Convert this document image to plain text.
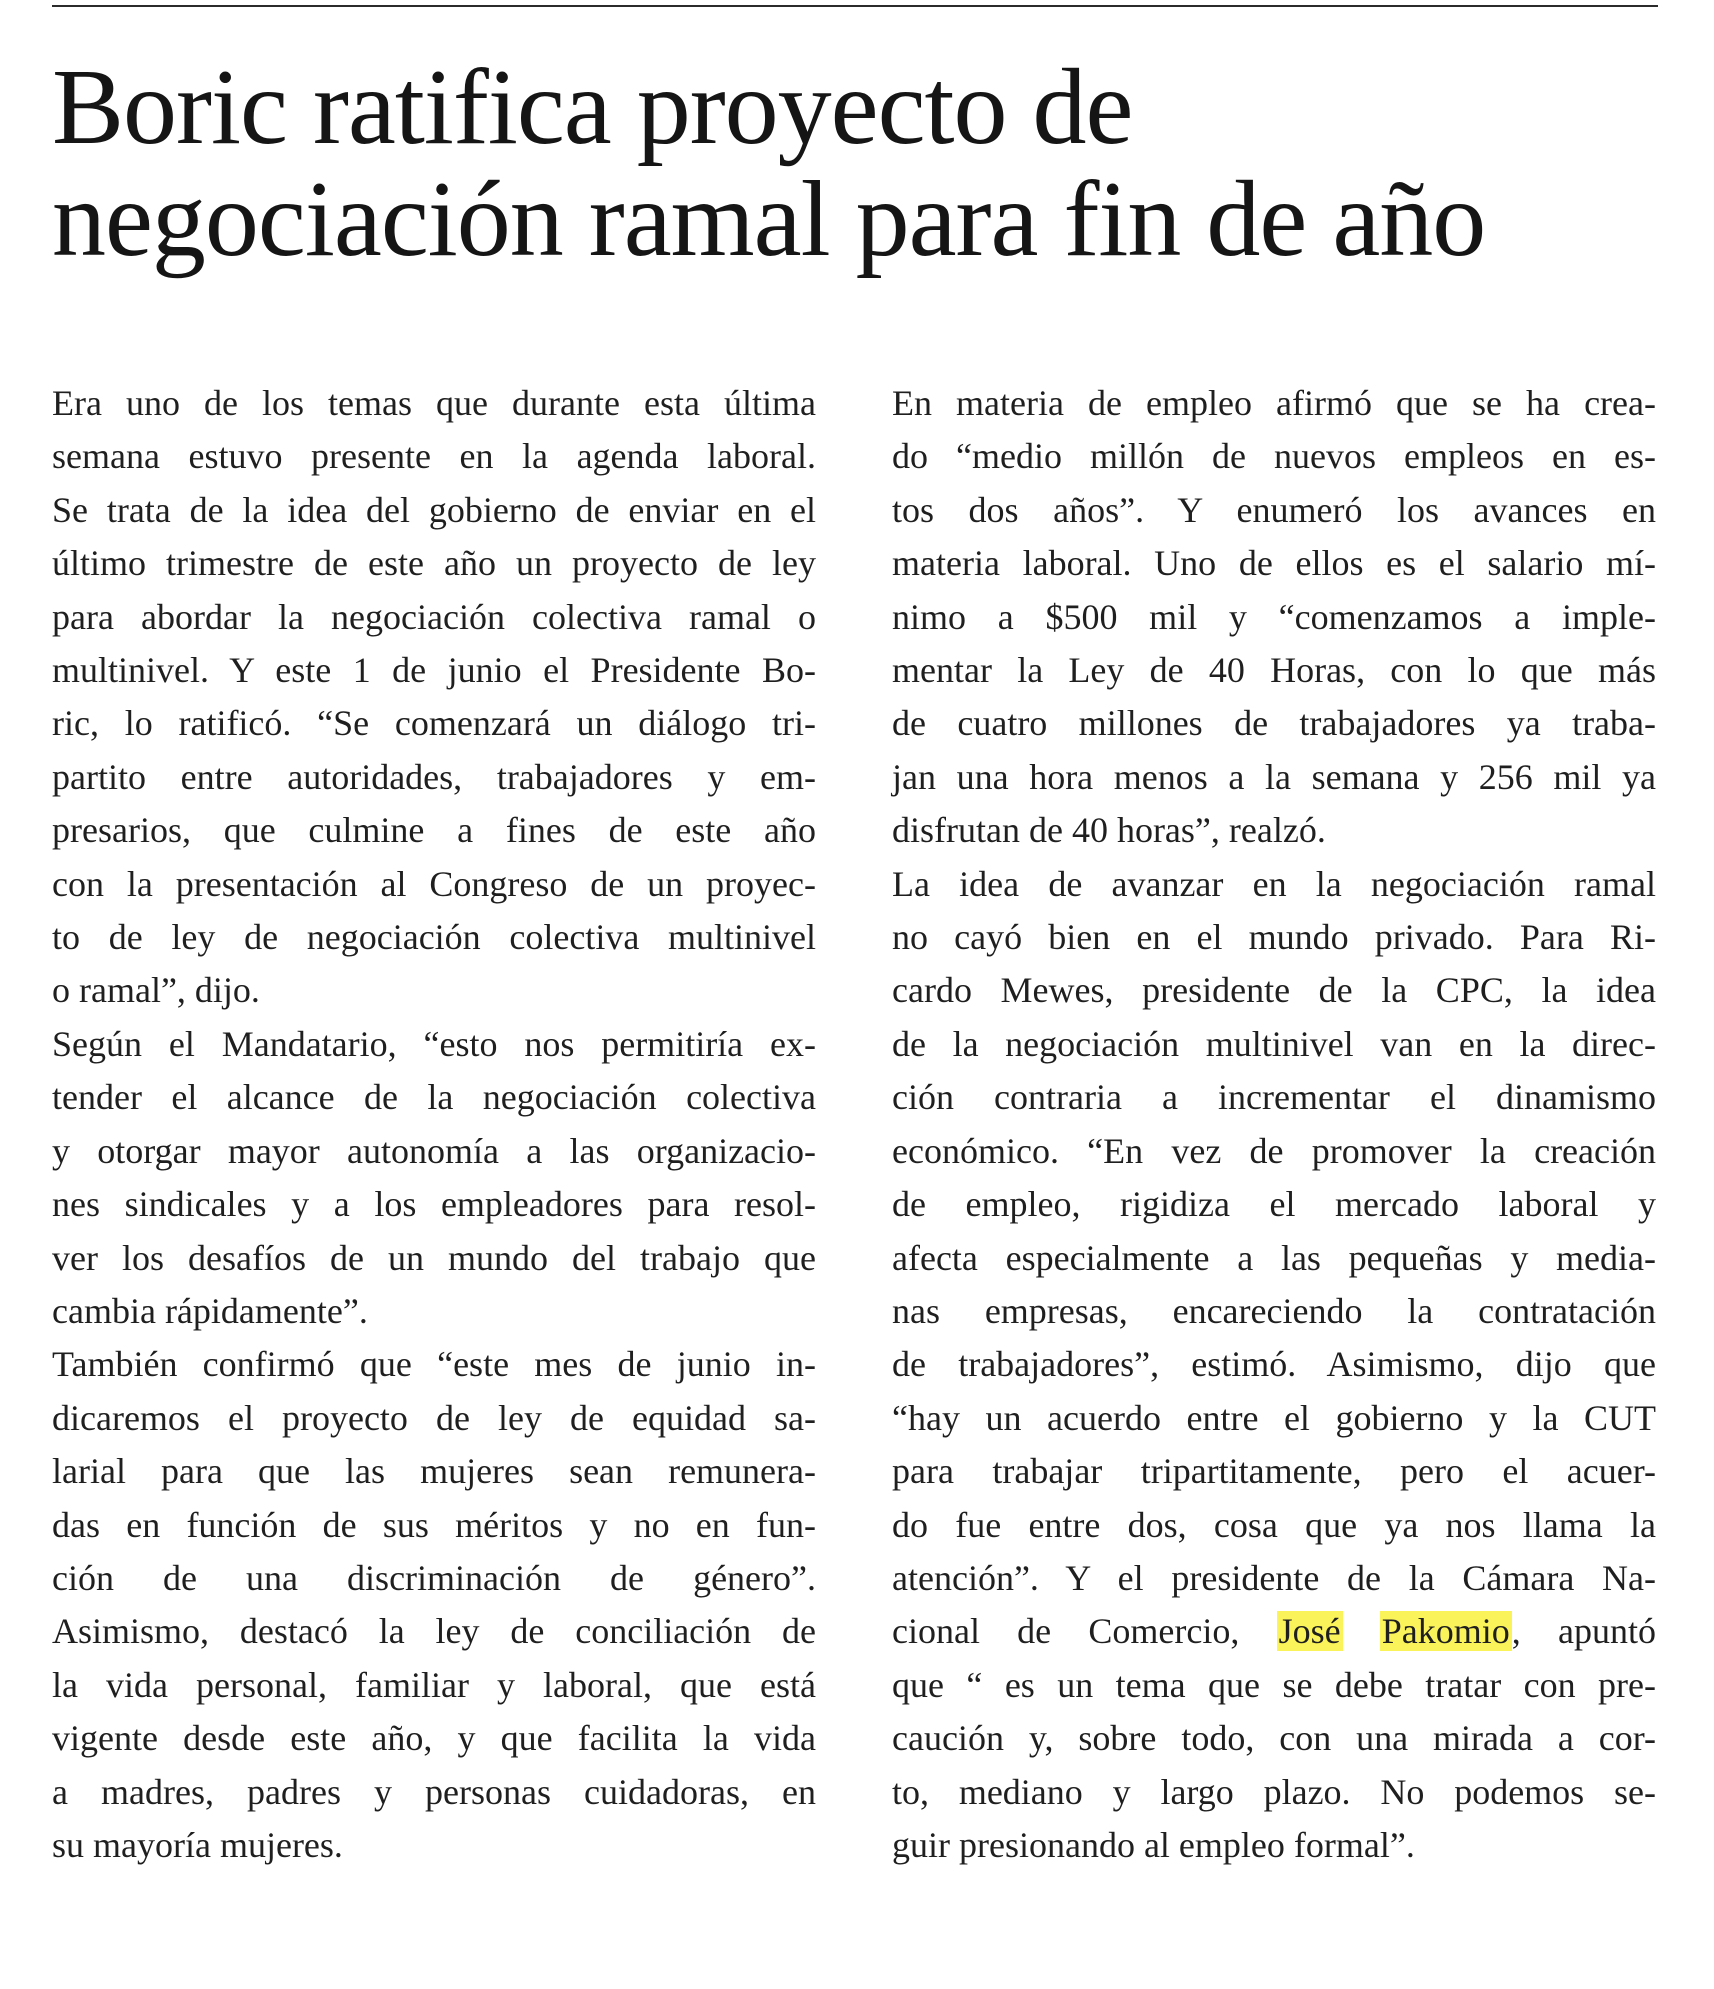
Boric ratifica proyecto de
negociación ramal para fin de año

Era uno de los temas que durante esta última
semana estuvo presente en la agenda laboral.
Se trata de la idea del gobierno de enviar en el
último trimestre de este año un proyecto de ley
para abordar la negociación colectiva ramal o
multinivel. Y este 1 de junio el Presidente Bo-
ric, lo ratificó. “Se comenzará un diálogo tri-
partito entre autoridades, trabajadores y em-
presarios, que culmine a fines de este año
con la presentación al Congreso de un proyec-
to de ley de negociación colectiva multinivel
o ramal”, dijo.

Según el Mandatario, “esto nos permitiría ex-
tender el alcance de la negociación colectiva
y otorgar mayor autonomía a las organizacio-
nes sindicales y a los empleadores para resol-
ver los desafíos de un mundo del trabajo que
cambia rápidamente”.

También confirmó que “este mes de junio in-
dicaremos el proyecto de ley de equidad sa-
larial para que las mujeres sean remunera-
das en función de sus méritos y no en fun-
ción de una discriminación de género”.
Asimismo, destacó la ley de conciliación de
la vida personal, familiar y laboral, que está
vigente desde este año, y que facilita la vida
a madres, padres y personas cuidadoras, en
su mayoría mujeres.

En materia de empleo afirmó que se ha crea-
do “medio millón de nuevos empleos en es-
tos dos años”. Y enumeró los avances en
materia laboral. Uno de ellos es el salario mí-
nimo a $500 mil y “comenzamos a imple-
mentar la Ley de 40 Horas, con lo que más
de cuatro millones de trabajadores ya traba-
jan una hora menos a la semana y 256 mil ya
disfrutan de 40 horas”, realzó.

La idea de avanzar en la negociación ramal
no cayó bien en el mundo privado. Para Ri-
cardo Mewes, presidente de la CPC, la idea
de la negociación multinivel van en la direc-
ción contraria a incrementar el dinamismo
económico. “En vez de promover la creación
de empleo, rigidiza el mercado laboral y
afecta especialmente a las pequeñas y media-
nas empresas, encareciendo la contratación
de trabajadores”, estimó. Asimismo, dijo que
“hay un acuerdo entre el gobierno y la CUT
para trabajar tripartitamente, pero el acuer-
do fue entre dos, cosa que ya nos llama la
atención”. Y el presidente de la Cámara Na-
cional de Comercio, José Pakomio, apuntó
que “ es un tema que se debe tratar con pre-
caución y, sobre todo, con una mirada a cor-
to, mediano y largo plazo. No podemos se-
guir presionando al empleo formal”.
